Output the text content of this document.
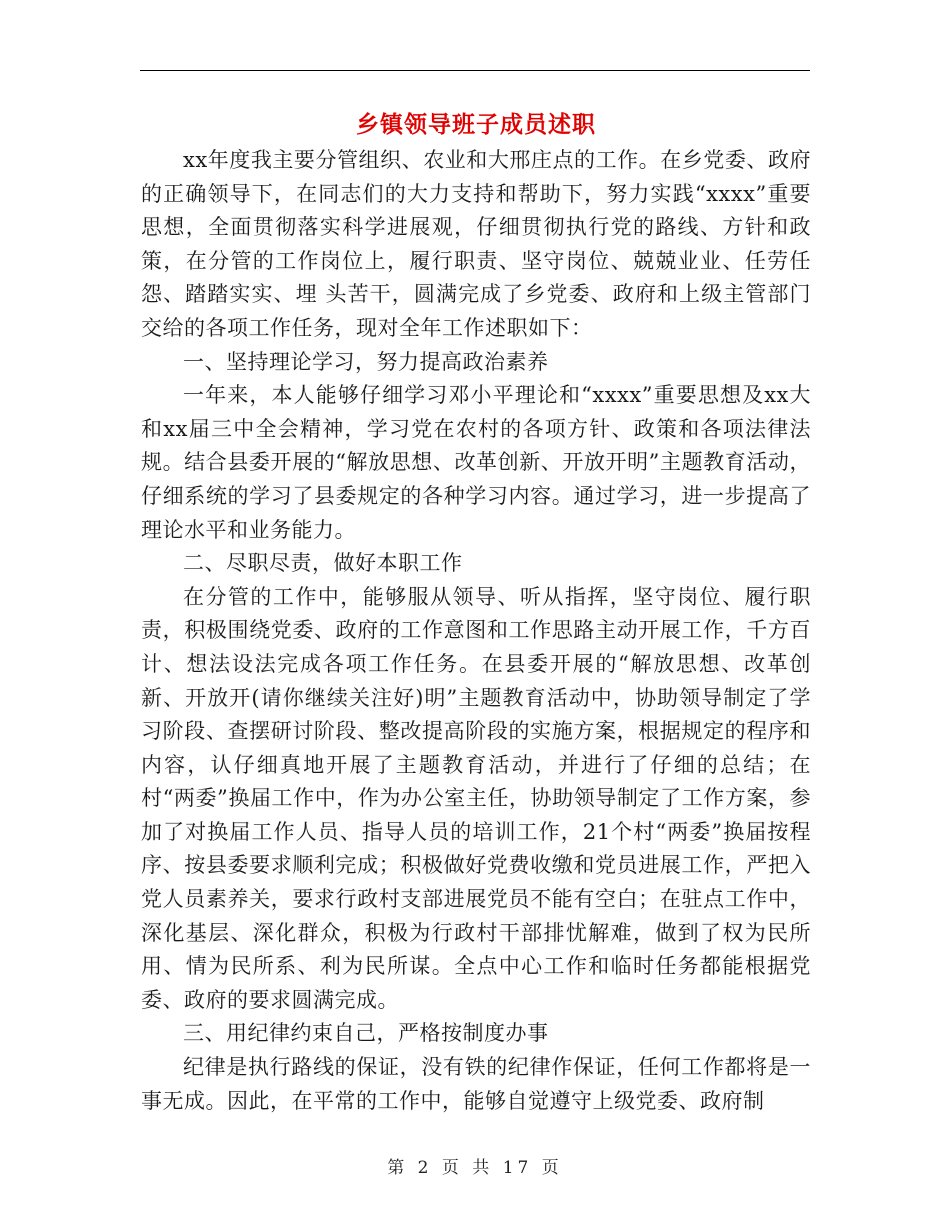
乡镇领导班子成员述职

xx年度我主要分管组织、农业和大邢庄点的工作。在乡党委、政府的正确领导下，在同志们的大力支持和帮助下，努力实践“xxxx”重要思想，全面贯彻落实科学进展观，仔细贯彻执行党的路线、方针和政策，在分管的工作岗位上，履行职责、坚守岗位、兢兢业业、任劳任怨、踏踏实实、埋 头苦干，圆满完成了乡党委、政府和上级主管部门交给的各项工作任务，现对全年工作述职如下：

一、坚持理论学习，努力提高政治素养

一年来，本人能够仔细学习邓小平理论和“xxxx”重要思想及xx大和xx届三中全会精神，学习党在农村的各项方针、政策和各项法律法规。结合县委开展的“解放思想、改革创新、开放开明”主题教育活动，仔细系统的学习了县委规定的各种学习内容。通过学习，进一步提高了理论水平和业务能力。

二、尽职尽责，做好本职工作

在分管的工作中，能够服从领导、听从指挥，坚守岗位、履行职责，积极围绕党委、政府的工作意图和工作思路主动开展工作，千方百计、想法设法完成各项工作任务。在县委开展的“解放思想、改革创新、开放开(请你继续关注好)明”主题教育活动中，协助领导制定了学习阶段、查摆研讨阶段、整改提高阶段的实施方案，根据规定的程序和内容，认仔细真地开展了主题教育活动，并进行了仔细的总结；在村“两委”换届工作中，作为办公室主任，协助领导制定了工作方案，参加了对换届工作人员、指导人员的培训工作，21个村“两委”换届按程序、按县委要求顺利完成；积极做好党费收缴和党员进展工作，严把入党人员素养关，要求行政村支部进展党员不能有空白；在驻点工作中，深化基层、深化群众，积极为行政村干部排忧解难，做到了权为民所用、情为民所系、利为民所谋。全点中心工作和临时任务都能根据党委、政府的要求圆满完成。

三、用纪律约束自己，严格按制度办事

纪律是执行路线的保证，没有铁的纪律作保证，任何工作都将是一事无成。因此，在平常的工作中，能够自觉遵守上级党委、政府制

第 2 页 共 17 页
